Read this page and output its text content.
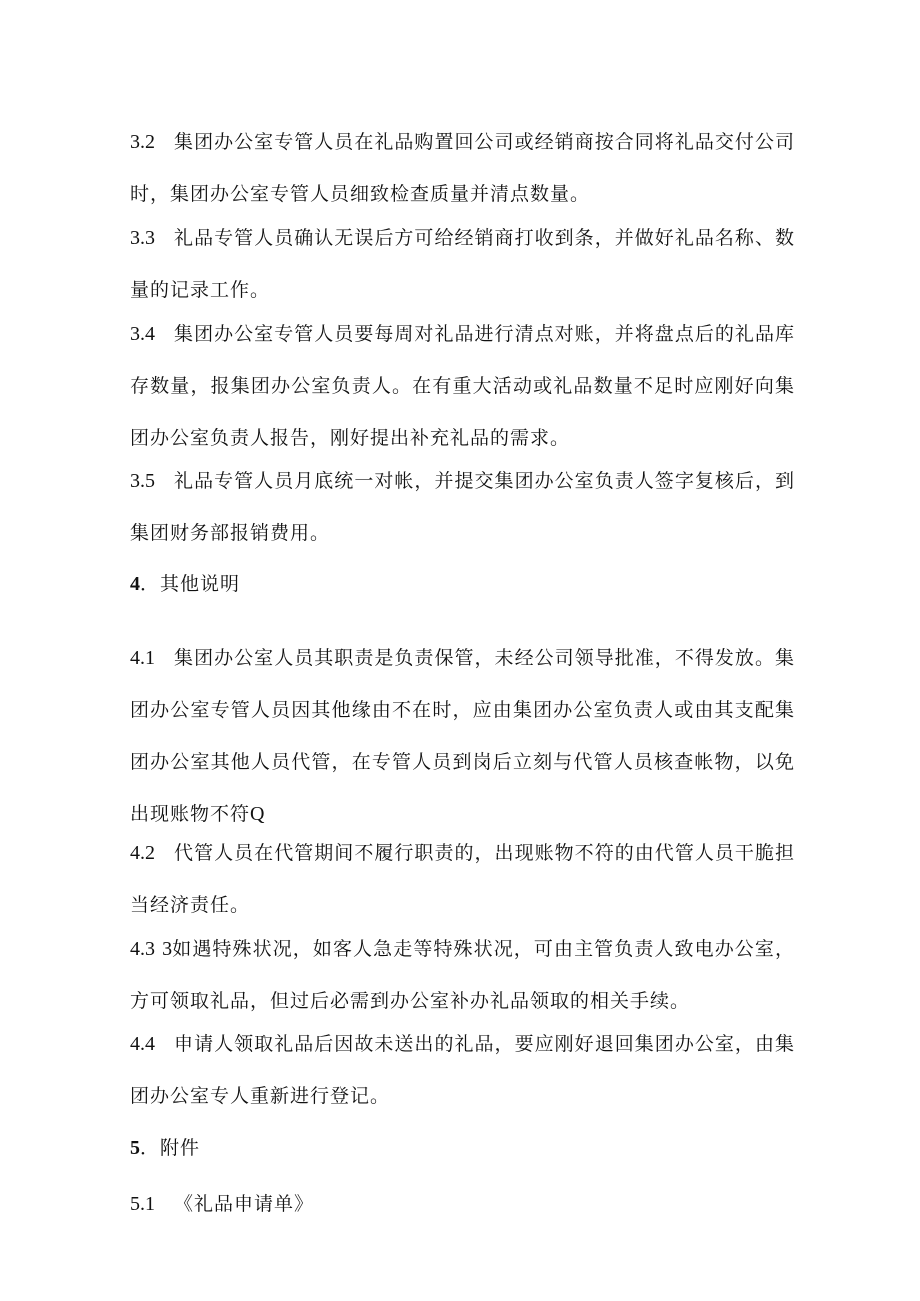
3.2 集团办公室专管人员在礼品购置回公司或经销商按合同将礼品交付公司时，集团办公室专管人员细致检查质量并清点数量。

3.3 礼品专管人员确认无误后方可给经销商打收到条，并做好礼品名称、数量的记录工作。

3.4 集团办公室专管人员要每周对礼品进行清点对账，并将盘点后的礼品库存数量，报集团办公室负责人。在有重大活动或礼品数量不足时应刚好向集团办公室负责人报告，刚好提出补充礼品的需求。

3.5 礼品专管人员月底统一对帐，并提交集团办公室负责人签字复核后，到集团财务部报销费用。

4．其他说明

4.1 集团办公室人员其职责是负责保管，未经公司领导批准，不得发放。集团办公室专管人员因其他缘由不在时，应由集团办公室负责人或由其支配集团办公室其他人员代管，在专管人员到岗后立刻与代管人员核查帐物，以免出现账物不符Q

4.2 代管人员在代管期间不履行职责的，出现账物不符的由代管人员干脆担当经济责任。

4.3 3如遇特殊状况，如客人急走等特殊状况，可由主管负责人致电办公室，方可领取礼品，但过后必需到办公室补办礼品领取的相关手续。

4.4 申请人领取礼品后因故未送出的礼品，要应刚好退回集团办公室，由集团办公室专人重新进行登记。

5．附件

5.1 《礼品申请单》
